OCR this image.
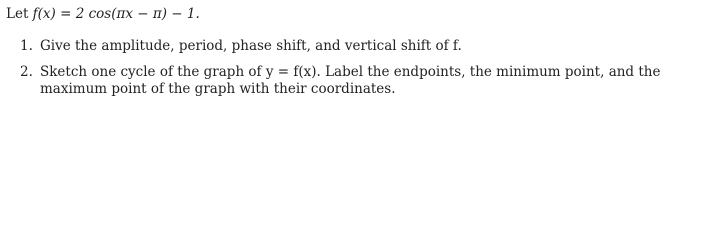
Let f(x) = 2 cos(πx − π) − 1.
1. Give the amplitude, period, phase shift, and vertical shift of f.
2. Sketch one cycle of the graph of y = f(x). Label the endpoints, the minimum point, and the maximum point of the graph with their coordinates.
